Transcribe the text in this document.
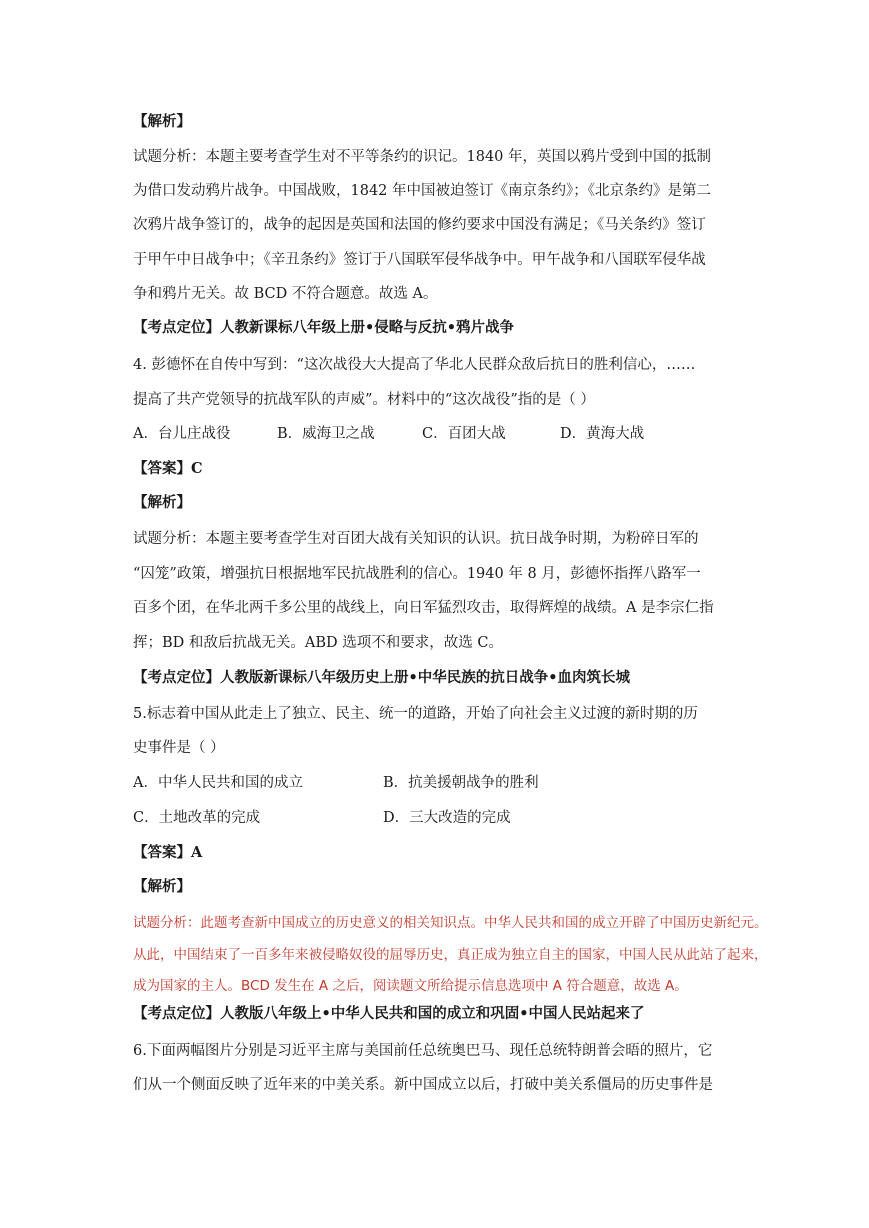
【解析】
试题分析：本题主要考查学生对不平等条约的识记。1840 年，英国以鸦片受到中国的抵制
为借口发动鸦片战争。中国战败，1842 年中国被迫签订《南京条约》；《北京条约》是第二
次鸦片战争签订的，战争的起因是英国和法国的修约要求中国没有满足；《马关条约》签订
于甲午中日战争中；《辛丑条约》签订于八国联军侵华战争中。甲午战争和八国联军侵华战
争和鸦片无关。故 BCD 不符合题意。故选 A。
【考点定位】人教新课标八年级上册•侵略与反抗•鸦片战争
4. 彭德怀在自传中写到：“这次战役大大提高了华北人民群众敌后抗日的胜利信心，……
提高了共产党领导的抗战军队的声威”。材料中的“这次战役”指的是（ ）
A．台儿庄战役	B．威海卫之战	C．百团大战	D．黄海大战
【答案】C
【解析】
试题分析：本题主要考查学生对百团大战有关知识的认识。抗日战争时期，为粉碎日军的
“囚笼”政策，增强抗日根据地军民抗战胜利的信心。1940 年 8 月，彭德怀指挥八路军一
百多个团，在华北两千多公里的战线上，向日军猛烈攻击，取得辉煌的战绩。A 是李宗仁指
挥；BD 和敌后抗战无关。ABD 选项不和要求，故选 C。
【考点定位】人教版新课标八年级历史上册•中华民族的抗日战争•血肉筑长城
5.标志着中国从此走上了独立、民主、统一的道路，开始了向社会主义过渡的新时期的历
史事件是（ ）
A．中华人民共和国的成立	B．抗美援朝战争的胜利
C．土地改革的完成	D．三大改造的完成
【答案】A
【解析】
试题分析：此题考查新中国成立的历史意义的相关知识点。中华人民共和国的成立开辟了中国历史新纪元。
从此，中国结束了一百多年来被侵略奴役的屈辱历史，真正成为独立自主的国家，中国人民从此站了起来，
成为国家的主人。BCD 发生在 A 之后，阅读题文所给提示信息选项中 A 符合题意，故选 A。
【考点定位】人教版八年级上•中华人民共和国的成立和巩固•中国人民站起来了
6.下面两幅图片分别是习近平主席与美国前任总统奥巴马、现任总统特朗普会晤的照片，它
们从一个侧面反映了近年来的中美关系。新中国成立以后，打破中美关系僵局的历史事件是
